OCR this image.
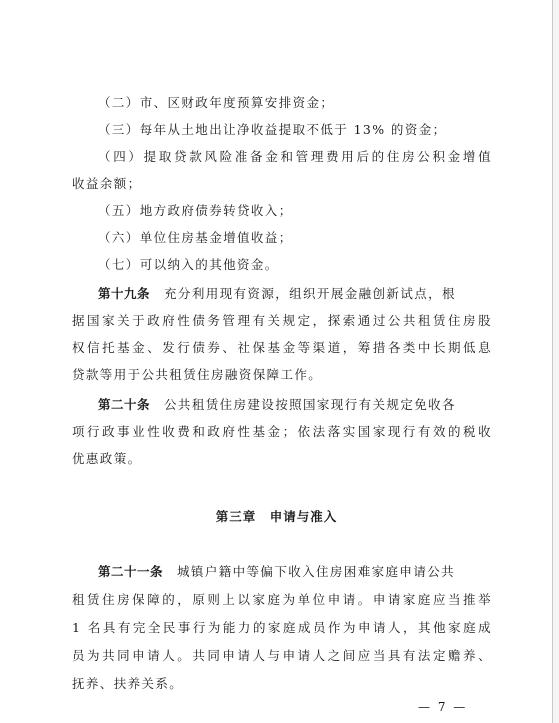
（二）市、区财政年度预算安排资金；
（三）每年从土地出让净收益提取不低于 13% 的资金；
（四）提取贷款风险准备金和管理费用后的住房公积金增值
收益余额；
（五）地方政府债券转贷收入；
（六）单位住房基金增值收益；
（七）可以纳入的其他资金。
第十九条 充分利用现有资源，组织开展金融创新试点，根
据国家关于政府性债务管理有关规定，探索通过公共租赁住房股
权信托基金、发行债券、社保基金等渠道，筹措各类中长期低息
贷款等用于公共租赁住房融资保障工作。
第二十条 公共租赁住房建设按照国家现行有关规定免收各
项行政事业性收费和政府性基金；依法落实国家现行有效的税收
优惠政策。
第三章　申请与准入
第二十一条 城镇户籍中等偏下收入住房困难家庭申请公共
租赁住房保障的，原则上以家庭为单位申请。申请家庭应当推举
1 名具有完全民事行为能力的家庭成员作为申请人，其他家庭成
员为共同申请人。共同申请人与申请人之间应当具有法定赡养、
抚养、扶养关系。
— 7 —
